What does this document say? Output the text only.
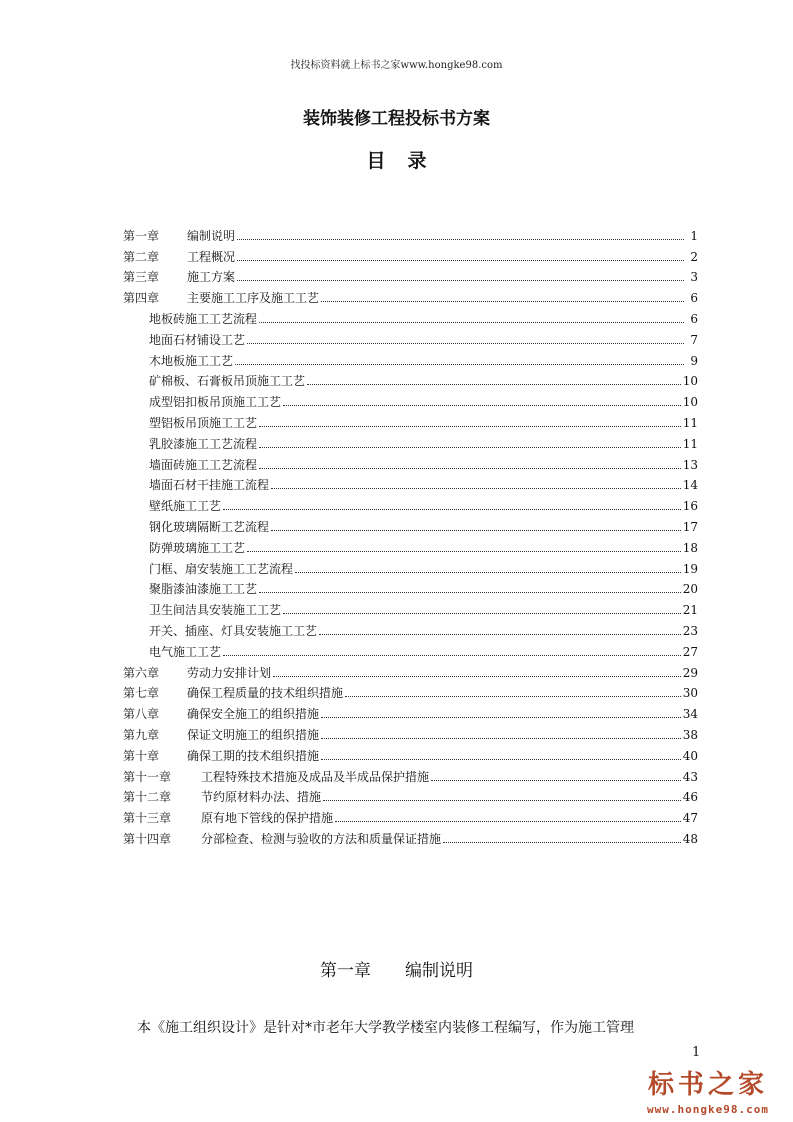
找投标资料就上标书之家www.hongke98.com
装饰装修工程投标书方案
目录
第一章	编制说明	1
第二章	工程概况	2
第三章	施工方案	3
第四章	主要施工工序及施工工艺	6
地板砖施工工艺流程	6
地面石材铺设工艺	7
木地板施工工艺	9
矿棉板、石膏板吊顶施工工艺	10
成型铝扣板吊顶施工工艺	10
塑铝板吊顶施工工艺	11
乳胶漆施工工艺流程	11
墙面砖施工工艺流程	13
墙面石材干挂施工流程	14
壁纸施工工艺	16
钢化玻璃隔断工艺流程	17
防弹玻璃施工工艺	18
门框、扇安装施工工艺流程	19
聚脂漆油漆施工工艺	20
卫生间洁具安装施工工艺	21
开关、插座、灯具安装施工工艺	23
电气施工工艺	27
第六章	劳动力安排计划	29
第七章	确保工程质量的技术组织措施	30
第八章	确保安全施工的组织措施	34
第九章	保证文明施工的组织措施	38
第十章	确保工期的技术组织措施	40
第十一章	工程特殊技术措施及成品及半成品保护措施	43
第十二章	节约原材料办法、措施	46
第十三章	原有地下管线的保护措施	47
第十四章	分部检查、检测与验收的方法和质量保证措施	48
第一章 编制说明
本《施工组织设计》是针对*市老年大学教学楼室内装修工程编写，作为施工管理
1
标书之家
www.hongke98.com
